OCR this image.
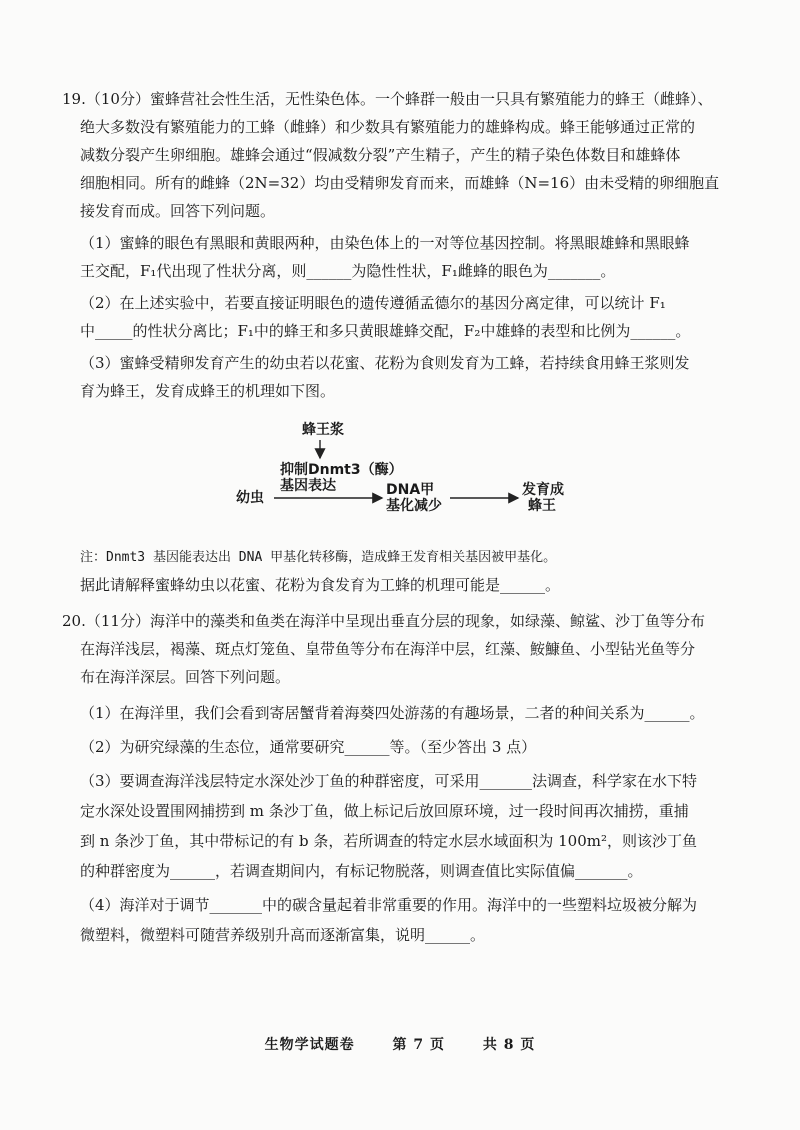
19.（10分）蜜蜂营社会性生活，无性染色体。一个蜂群一般由一只具有繁殖能力的蜂王（雌蜂）、
绝大多数没有繁殖能力的工蜂（雌蜂）和少数具有繁殖能力的雄蜂构成。蜂王能够通过正常的
减数分裂产生卵细胞。雄蜂会通过“假减数分裂”产生精子，产生的精子染色体数目和雄蜂体
细胞相同。所有的雌蜂（2N=32）均由受精卵发育而来，而雄蜂（N=16）由未受精的卵细胞直
接发育而成。回答下列问题。
（1）蜜蜂的眼色有黑眼和黄眼两种，由染色体上的一对等位基因控制。将黑眼雄蜂和黑眼蜂
王交配，F₁代出现了性状分离，则______为隐性性状，F₁雌蜂的眼色为_______。
（2）在上述实验中，若要直接证明眼色的遗传遵循孟德尔的基因分离定律，可以统计 F₁
中_____的性状分离比；F₁中的蜂王和多只黄眼雄蜂交配，F₂中雄蜂的表型和比例为______。
（3）蜜蜂受精卵发育产生的幼虫若以花蜜、花粉为食则发育为工蜂，若持续食用蜂王浆则发
育为蜂王，发育成蜂王的机理如下图。
蜂王浆
抑制Dnmt3（酶）
基因表达
幼虫	DNA甲
基化减少
发育成
蜂王
注：Dnmt3 基因能表达出 DNA 甲基化转移酶，造成蜂王发育相关基因被甲基化。
据此请解释蜜蜂幼虫以花蜜、花粉为食发育为工蜂的机理可能是______。
20.（11分）海洋中的藻类和鱼类在海洋中呈现出垂直分层的现象，如绿藻、鲸鲨、沙丁鱼等分布
在海洋浅层，褐藻、斑点灯笼鱼、皇带鱼等分布在海洋中层，红藻、鮟鱇鱼、小型钻光鱼等分
布在海洋深层。回答下列问题。
（1）在海洋里，我们会看到寄居蟹背着海葵四处游荡的有趣场景，二者的种间关系为______。
（2）为研究绿藻的生态位，通常要研究______等。（至少答出 3 点）
（3）要调查海洋浅层特定水深处沙丁鱼的种群密度，可采用_______法调查，科学家在水下特
定水深处设置围网捕捞到 m 条沙丁鱼，做上标记后放回原环境，过一段时间再次捕捞，重捕
到 n 条沙丁鱼，其中带标记的有 b 条，若所调查的特定水层水域面积为 100m²，则该沙丁鱼
的种群密度为______，若调查期间内，有标记物脱落，则调查值比实际值偏_______。
（4）海洋对于调节_______中的碳含量起着非常重要的作用。海洋中的一些塑料垃圾被分解为
微塑料，微塑料可随营养级别升高而逐渐富集，说明______。
生物学试题卷	第 7 页	共 8 页
